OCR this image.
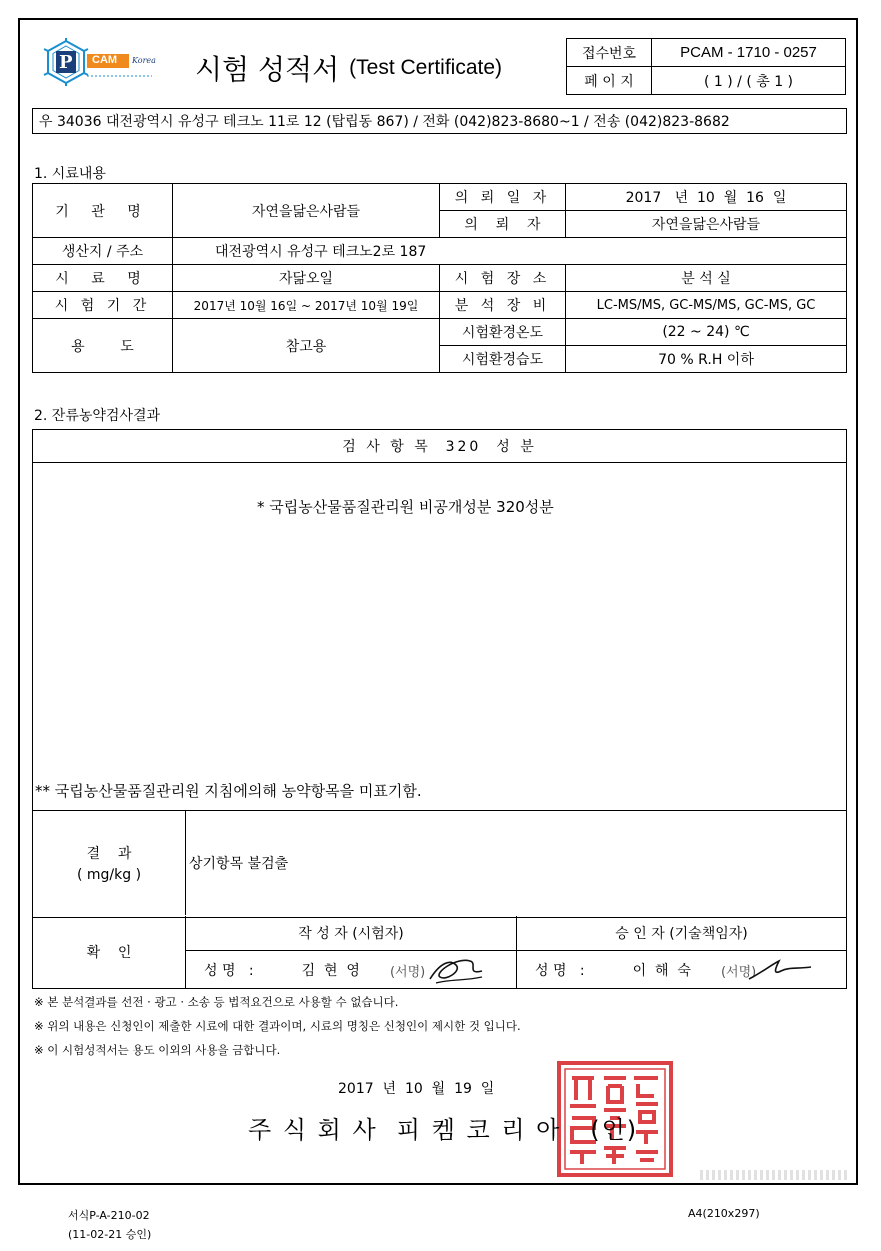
P CAM Korea 시험 성적서 (Test Certificate)
접수번호	PCAM - 1710 - 0257
페 이 지	( 1 ) / ( 총 1 )
우 34036 대전광역시 유성구 테크노 11로 12 (탑립동 867) / 전화 (042)823-8680~1 / 전송 (042)823-8682
1. 시료내용
기 관 명	자연을닮은사람들	의 뢰 일 자	2017   년  10  월  16  일
		의    뢰    자	자연을닮은사람들
생산지 / 주소	대전광역시 유성구 테크노2로 187		
시 료 명	자닮오일	시 험 장 소	분 석 실
시 험 기 간	2017년 10월 16일 ~ 2017년 10월 19일	분 석 장 비	LC-MS/MS, GC-MS/MS, GC-MS, GC
용        도	참고용	시험환경온도	(22 ~ 24) ℃
		시험환경습도	70 % R.H 이하
2. 잔류농약검사결과
검 사 항 목  320  성 분
* 국립농산물품질관리원 비공개성분 320성분
** 국립농산물품질관리원 지침에의해 농약항목을 미표기함.
결    과
( mg/kg )
상기항목 불검출
확    인
작 성 자 (시험자)	승 인 자 (기술책임자)
성 명   :	김  현  영 (서명)	성 명   :	이  해  숙 (서명)
※ 본 분석결과를 선전 · 광고 · 소송 등 법적요건으로 사용할 수 없습니다.
※ 위의 내용은 신청인이 제출한 시료에 대한 결과이며, 시료의 명칭은 신청인이 제시한 것 입니다.
※ 이 시험성적서는 용도 이외의 사용을 금합니다.
2017  년  10  월  19  일
주 식 회 사  피 켐 코 리 아   (인)
서식P-A-210-02
(11-02-21 승인)
A4(210x297)
